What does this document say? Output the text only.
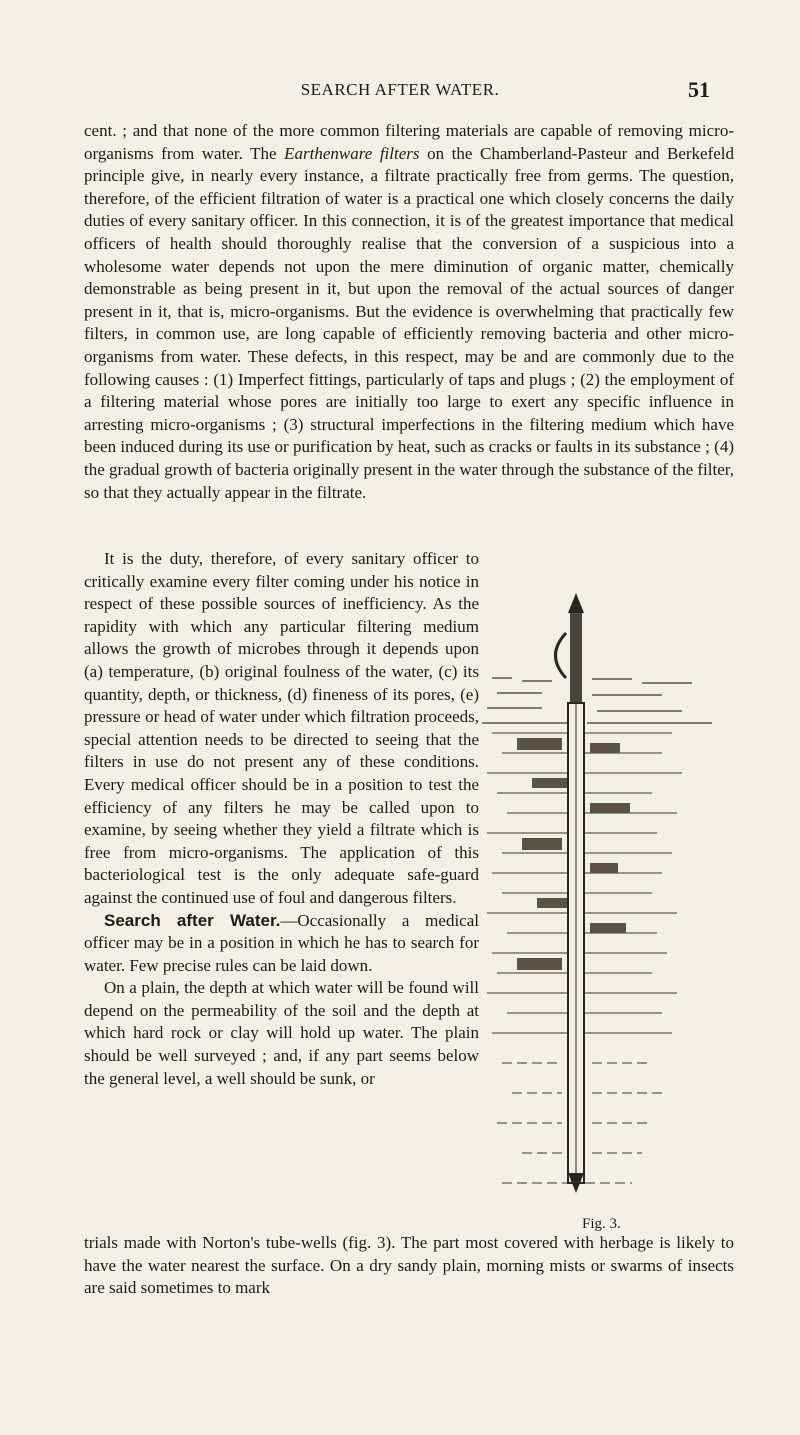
SEARCH AFTER WATER.	51

cent. ; and that none of the more common filtering materials are capable of removing micro-organisms from water. The Earthenware filters on the Chamberland-Pasteur and Berkefeld principle give, in nearly every instance, a filtrate practically free from germs. The question, therefore, of the efficient filtration of water is a practical one which closely concerns the daily duties of every sanitary officer. In this connection, it is of the greatest importance that medical officers of health should thoroughly realise that the conversion of a suspicious into a wholesome water depends not upon the mere diminution of organic matter, chemically demonstrable as being present in it, but upon the removal of the actual sources of danger present in it, that is, micro-organisms. But the evidence is overwhelming that practically few filters, in common use, are long capable of efficiently removing bacteria and other micro-organisms from water. These defects, in this respect, may be and are commonly due to the following causes : (1) Imperfect fittings, particularly of taps and plugs ; (2) the employment of a filtering material whose pores are initially too large to exert any specific influence in arresting micro-organisms ; (3) structural imperfections in the filtering medium which have been induced during its use or purification by heat, such as cracks or faults in its substance ; (4) the gradual growth of bacteria originally present in the water through the substance of the filter, so that they actually appear in the filtrate.

It is the duty, therefore, of every sanitary officer to critically examine every filter coming under his notice in respect of these possible sources of inefficiency. As the rapidity with which any particular filtering medium allows the growth of microbes through it depends upon (a) temperature, (b) original foulness of the water, (c) its quantity, depth, or thickness, (d) fineness of its pores, (e) pressure or head of water under which filtration proceeds, special attention needs to be directed to seeing that the filters in use do not present any of these conditions. Every medical officer should be in a position to test the efficiency of any filters he may be called upon to examine, by seeing whether they yield a filtrate which is free from micro-organisms. The application of this bacteriological test is the only adequate safe-guard against the continued use of foul and dangerous filters.

Search after Water.—Occasionally a medical officer may be in a position in which he has to search for water. Few precise rules can be laid down.

On a plain, the depth at which water will be found will depend on the permeability of the soil and the depth at which hard rock or clay will hold up water. The plain should be well surveyed ; and, if any part seems below the general level, a well should be sunk, or

trials made with Norton's tube-wells (fig. 3). The part most covered with herbage is likely to have the water nearest the surface. On a dry sandy plain, morning mists or swarms of insects are said sometimes to mark

Fig. 3.
